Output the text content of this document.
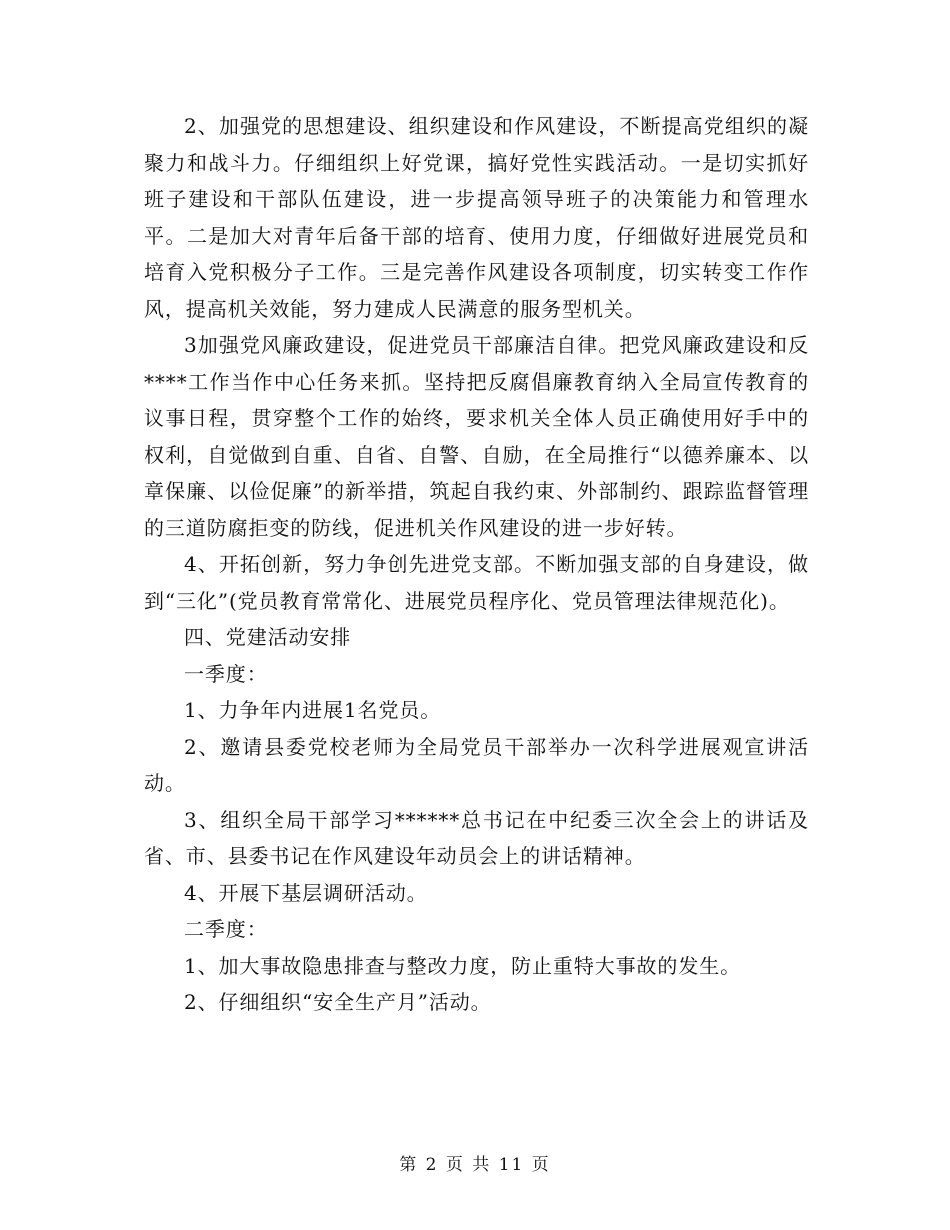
2、加强党的思想建设、组织建设和作风建设，不断提高党组织的凝聚力和战斗力。仔细组织上好党课，搞好党性实践活动。一是切实抓好班子建设和干部队伍建设，进一步提高领导班子的决策能力和管理水平。二是加大对青年后备干部的培育、使用力度，仔细做好进展党员和培育入党积极分子工作。三是完善作风建设各项制度，切实转变工作作风，提高机关效能，努力建成人民满意的服务型机关。

3加强党风廉政建设，促进党员干部廉洁自律。把党风廉政建设和反****工作当作中心任务来抓。坚持把反腐倡廉教育纳入全局宣传教育的议事日程，贯穿整个工作的始终，要求机关全体人员正确使用好手中的权利，自觉做到自重、自省、自警、自励，在全局推行“以德养廉本、以章保廉、以俭促廉”的新举措，筑起自我约束、外部制约、跟踪监督管理的三道防腐拒变的防线，促进机关作风建设的进一步好转。

4、开拓创新，努力争创先进党支部。不断加强支部的自身建设，做到“三化”(党员教育常常化、进展党员程序化、党员管理法律规范化)。

四、党建活动安排

一季度：

1、力争年内进展1名党员。

2、邀请县委党校老师为全局党员干部举办一次科学进展观宣讲活动。

3、组织全局干部学习******总书记在中纪委三次全会上的讲话及省、市、县委书记在作风建设年动员会上的讲话精神。

4、开展下基层调研活动。

二季度：

1、加大事故隐患排查与整改力度，防止重特大事故的发生。

2、仔细组织“安全生产月”活动。

第 2 页 共 11 页
